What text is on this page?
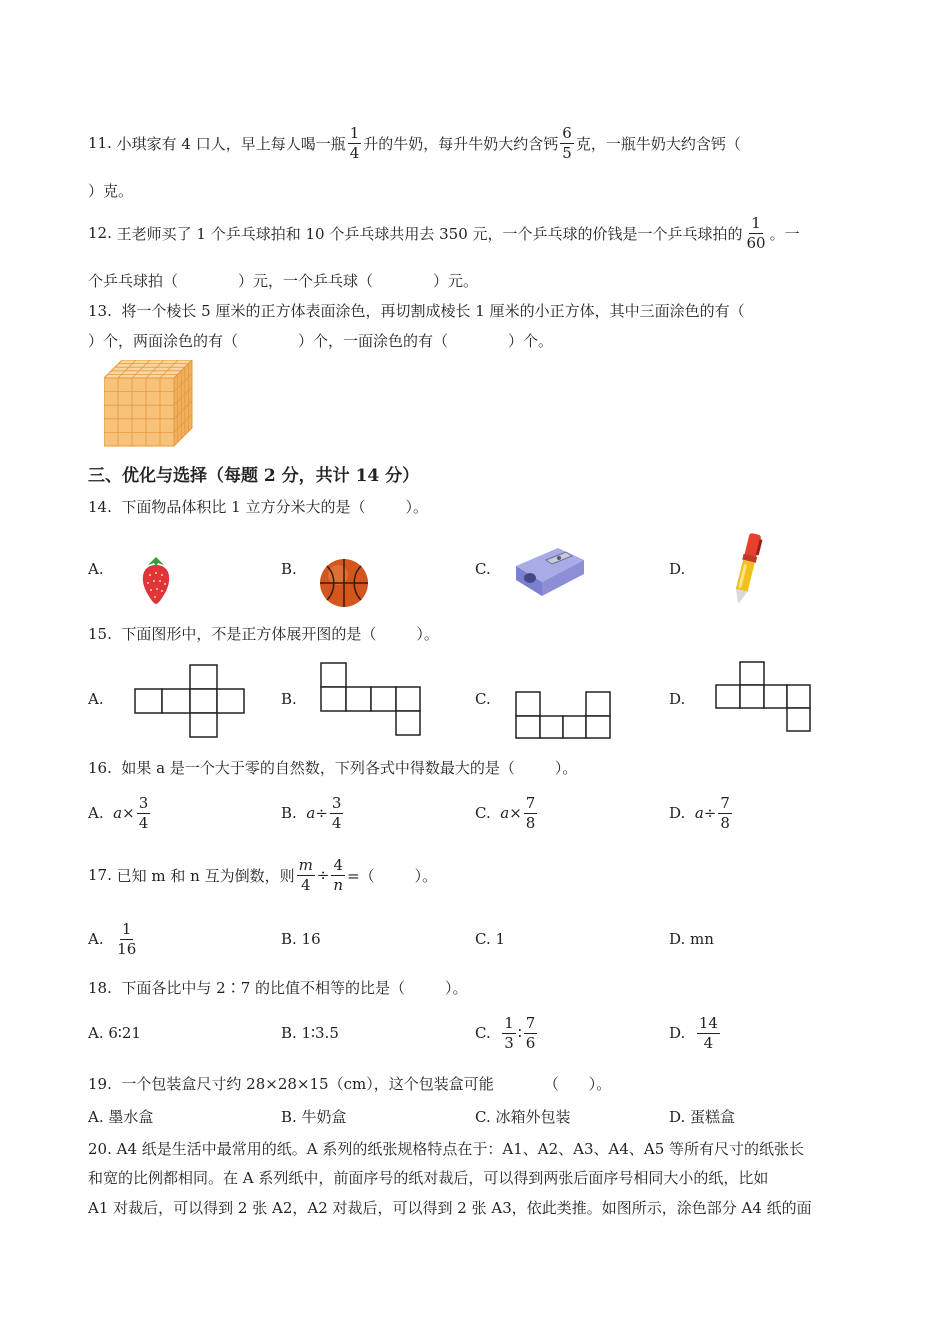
11.
小琪家有 4 口人，早上每人喝一瓶 $\frac{1}{4}$ 升的牛奶，每升牛奶大约含钙 $\frac{6}{5}$ 克，一瓶牛奶大约含钙（
）克。
12.
王老师买了 1 个乒乓球拍和 10 个乒乓球共用去 350 元，一个乒乓球的价钱是一个乒乓球拍的 $\frac{1}{60}$ 。一
个乒乓球拍（	）元，一个乒乓球（	）元。
13. 将一个棱长 5 厘米的正方体表面涂色，再切割成棱长 1 厘米的小正方体，其中三面涂色的有（
）个，两面涂色的有（	）个，一面涂色的有（	）个。
三、优化与选择（每题 2 分，共计 14 分）
14. 下面物品体积比 1 立方分米大的是（	）。
A.	B.	C.	D.
15. 下面图形中，不是正方体展开图的是（	）。
A.	B.	C.	D.
16. 如果 a 是一个大于零的自然数，下列各式中得数最大的是（	）。
A.
$a \times \frac{3}{4}$	B.
$a \div \frac{3}{4}$	C.
$a \times \frac{7}{8}$	D.
$a \div \frac{7}{8}$
17.
已知 m 和 n 互为倒数，则 $\frac{m}{4} \div \frac{4}{n}$ =（	）。
A.
$\frac{1}{16}$	B. 16	C. 1	D. mn
18. 下面各比中与 2∶7 的比值不相等的比是（	）。
A. 6∶21	B. 1∶3.5	C.
$\frac{1}{3}$ ∶ $\frac{7}{6}$	D.
$\frac{14}{4}$
19. 一个包装盒尺寸约 28×28×15（cm），这个包装盒可能	（ ）。
A. 墨水盒	B. 牛奶盒	C. 冰箱外包装	D. 蛋糕盒
20. A4 纸是生活中最常用的纸。A 系列的纸张规格特点在于：A1、A2、A3、A4、A5 等所有尺寸的纸张长
和宽的比例都相同。在 A 系列纸中，前面序号的纸对裁后，可以得到两张后面序号相同大小的纸，比如
A1 对裁后，可以得到 2 张 A2，A2 对裁后，可以得到 2 张 A3，依此类推。如图所示，涂色部分 A4 纸的面
